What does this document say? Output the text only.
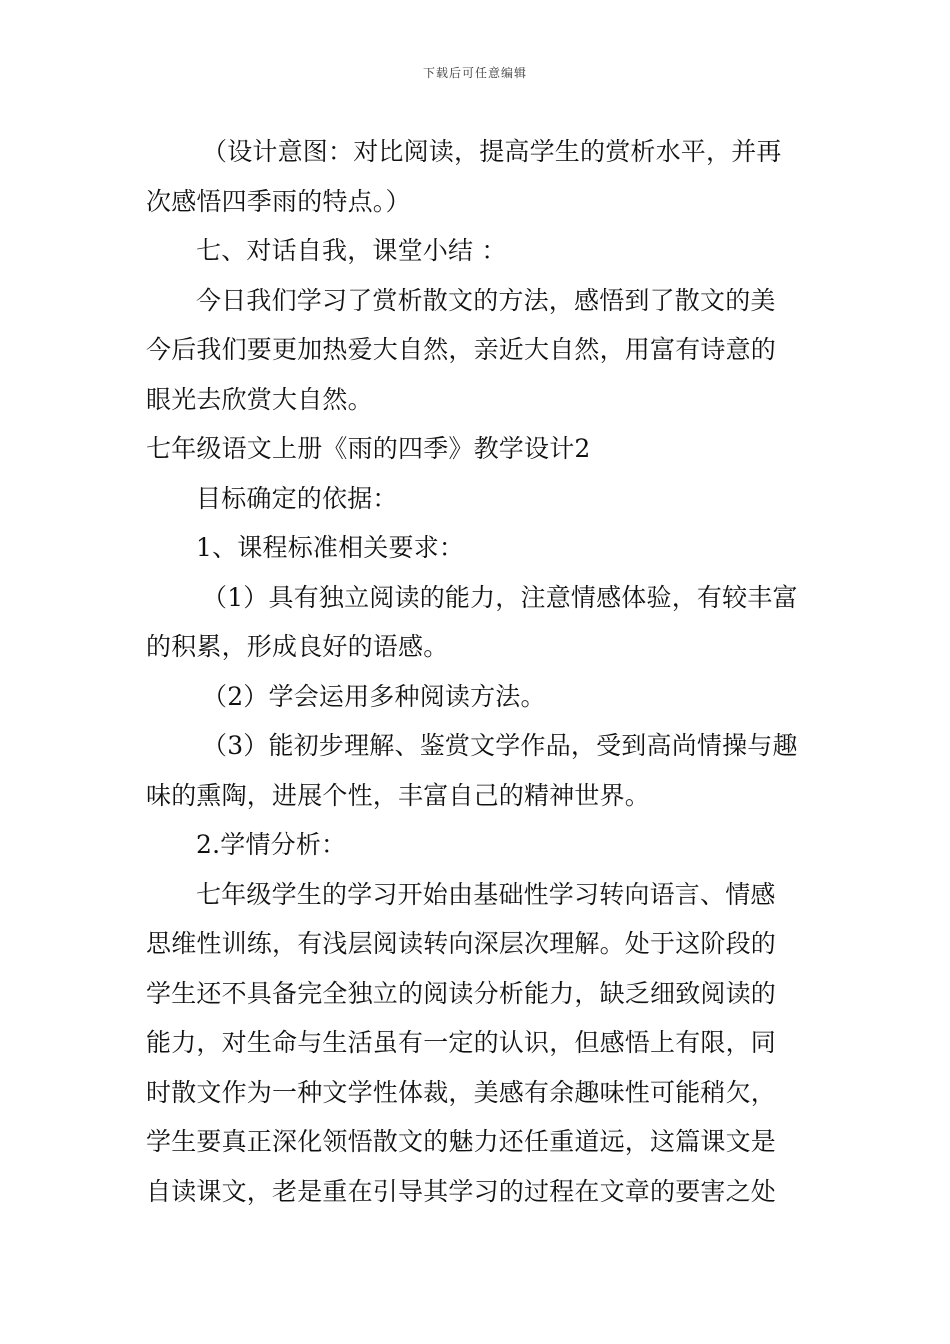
下载后可任意编辑
（设计意图：对比阅读，提高学生的赏析水平，并再
次感悟四季雨的特点。）
七、对话自我，课堂小结 ：
今日我们学习了赏析散文的方法，感悟到了散文的美
今后我们要更加热爱大自然，亲近大自然，用富有诗意的
眼光去欣赏大自然。
七年级语文上册《雨的四季》教学设计2
目标确定的依据：
1、课程标准相关要求：
（1）具有独立阅读的能力，注意情感体验，有较丰富
的积累，形成良好的语感。
（2）学会运用多种阅读方法。
（3）能初步理解、鉴赏文学作品，受到高尚情操与趣
味的熏陶，进展个性，丰富自己的精神世界。
2.学情分析：
七年级学生的学习开始由基础性学习转向语言、情感
思维性训练，有浅层阅读转向深层次理解。处于这阶段的
学生还不具备完全独立的阅读分析能力，缺乏细致阅读的
能力，对生命与生活虽有一定的认识，但感悟上有限，同
时散文作为一种文学性体裁，美感有余趣味性可能稍欠，
学生要真正深化领悟散文的魅力还任重道远，这篇课文是
自读课文，老是重在引导其学习的过程在文章的要害之处
